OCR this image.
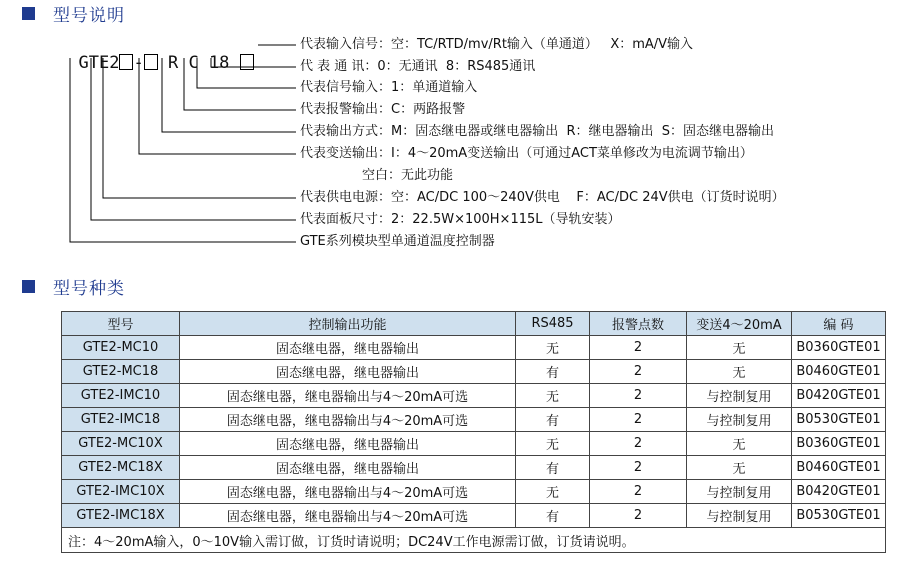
型号说明

GTE2 - R C 18

代表输入信号：空：TC/RTD/mv/Rt输入（单通道）   X：mA/V输入
代 表 通 讯：0：无通讯  8：RS485通讯
代表信号输入：1：单通道输入
代表报警输出：C：两路报警
代表输出方式：M：固态继电器或继电器输出  R：继电器输出  S：固态继电器输出
代表变送输出：I：4～20mA变送输出（可通过ACT菜单修改为电流调节输出）
空白：无此功能
代表供电电源：空：AC/DC 100～240V供电    F：AC/DC 24V供电（订货时说明）
代表面板尺寸：2：22.5W×100H×115L（导轨安装）
GTE系列模块型单通道温度控制器
型号种类
型号	控制输出功能	RS485	报警点数	变送4～20mA	编 码
GTE2-MC10	固态继电器，继电器输出	无	2	无	B0360GTE01
GTE2-MC18	固态继电器，继电器输出	有	2	无	B0460GTE01
GTE2-IMC10	固态继电器，继电器输出与4～20mA可选	无	2	与控制复用	B0420GTE01
GTE2-IMC18	固态继电器，继电器输出与4～20mA可选	有	2	与控制复用	B0530GTE01
GTE2-MC10X	固态继电器，继电器输出	无	2	无	B0360GTE01
GTE2-MC18X	固态继电器，继电器输出	有	2	无	B0460GTE01
GTE2-IMC10X	固态继电器，继电器输出与4～20mA可选	无	2	与控制复用	B0420GTE01
GTE2-IMC18X	固态继电器，继电器输出与4～20mA可选	有	2	与控制复用	B0530GTE01
注：4～20mA输入，0～10V输入需订做，订货时请说明；DC24V工作电源需订做，订货请说明。					
